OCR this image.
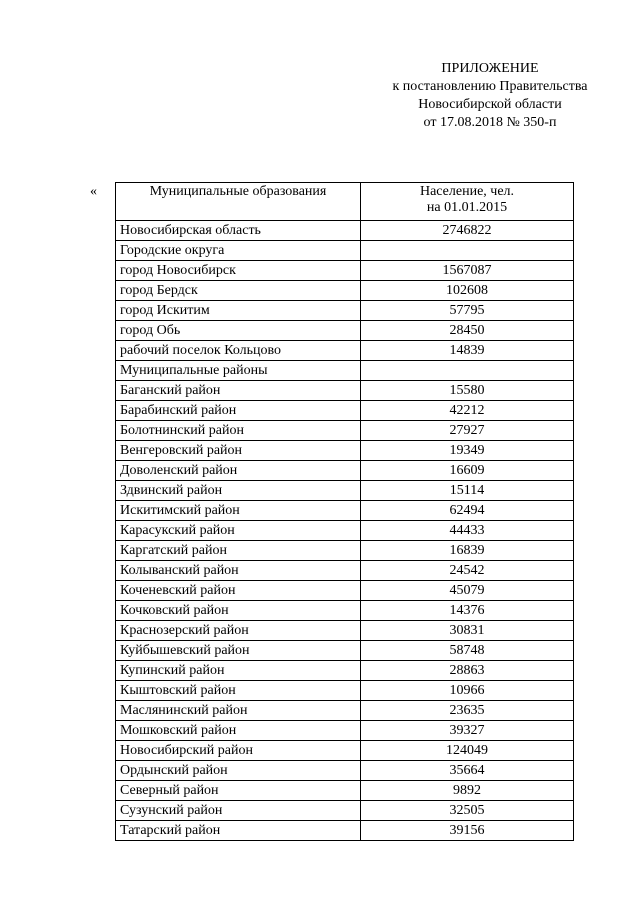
ПРИЛОЖЕНИЕ
к постановлению Правительства
Новосибирской области
от 17.08.2018 № 350-п
«	Муниципальные образования	Население, чел.
на 01.01.2015

Новосибирская область	2746822
Городские округа	
город Новосибирск	1567087
город Бердск	102608
город Искитим	57795
город Обь	28450
рабочий поселок Кольцово	14839
Муниципальные районы	
Баганский район	15580
Барабинский район	42212
Болотнинский район	27927
Венгеровский район	19349
Доволенский район	16609
Здвинский район	15114
Искитимский район	62494
Карасукский район	44433
Каргатский район	16839
Колыванский район	24542
Коченевский район	45079
Кочковский район	14376
Краснозерский район	30831
Куйбышевский район	58748
Купинский район	28863
Кыштовский район	10966
Маслянинский район	23635
Мошковский район	39327
Новосибирский район	124049
Ордынский район	35664
Северный район	9892
Сузунский район	32505
Татарский район	39156
